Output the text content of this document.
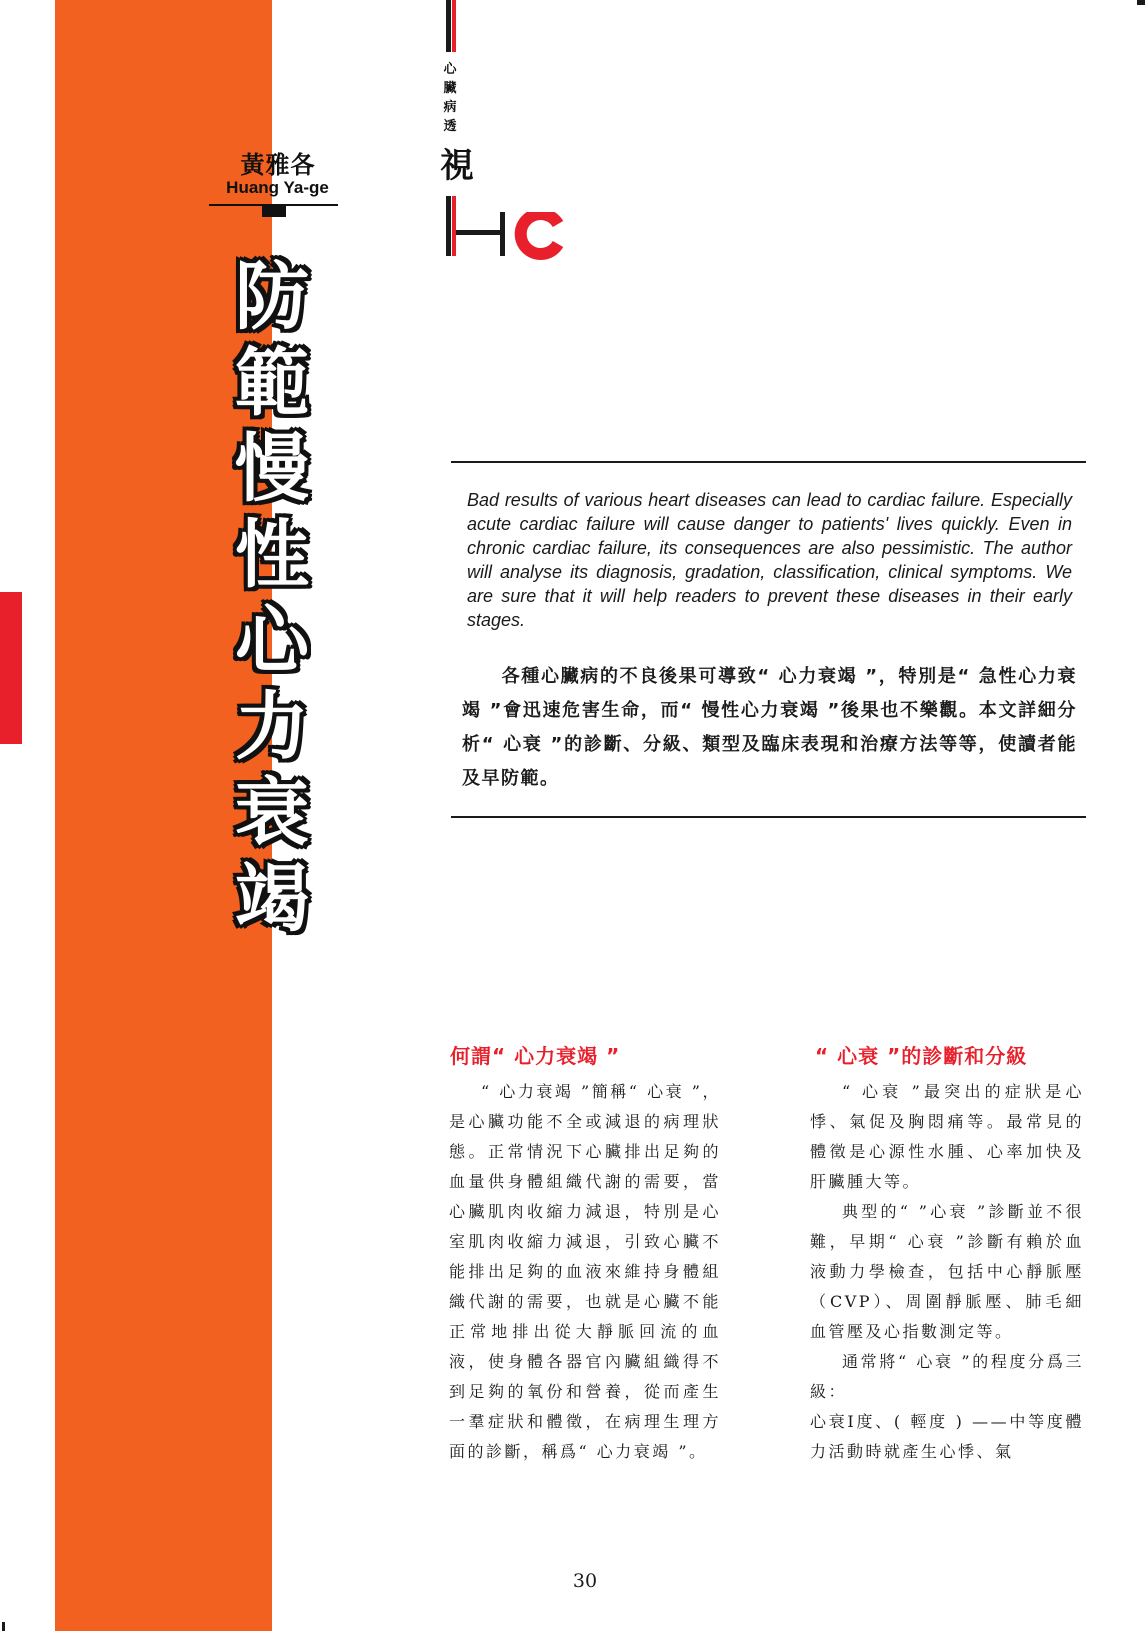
黃雅各
Huang Ya-ge
防
範
慢
性
心
力
衰
竭
心
臟
病
透
視
Bad results of various heart diseases can lead to cardiac failure. Especially acute cardiac failure will cause danger to patients' lives quickly. Even in chronic cardiac failure, its consequences are also pessimistic. The author will analyse its diagnosis, gradation, classification, clinical symptoms. We are sure that it will help readers to prevent these diseases in their early stages.
各種心臟病的不良後果可導致“ 心力衰竭 ”，特別是“ 急性心力衰竭 ”會迅速危害生命，而“ 慢性心力衰竭 ”後果也不樂觀。本文詳細分析“ 心衰 ”的診斷、分級、類型及臨床表現和治療方法等等，使讀者能及早防範。
何謂“ 心力衰竭 ”

“ 心力衰竭 ”簡稱“ 心衰 ”，是心臟功能不全或減退的病理狀態。正常情況下心臟排出足夠的血量供身體組織代謝的需要，當心臟肌肉收縮力減退，特別是心室肌肉收縮力減退，引致心臟不能排出足夠的血液來維持身體組織代謝的需要，也就是心臟不能正常地排出從大靜脈回流的血液，使身體各器官內臟組織得不到足夠的氧份和營養，從而產生一羣症狀和體徵，在病理生理方面的診斷，稱爲“ 心力衰竭 ”。

“ 心衰 ”的診斷和分級

“ 心衰 ”最突出的症狀是心悸、氣促及胸悶痛等。最常見的體徵是心源性水腫、心率加快及肝臟腫大等。

典型的“ ”心衰 ”診斷並不很難，早期“ 心衰 ”診斷有賴於血液動力學檢查，包括中心靜脈壓（CVP）、周圍靜脈壓、肺毛細血管壓及心指數測定等。

通常將“ 心衰 ”的程度分爲三級：

心衰I度、( 輕度 ) ——中等度體力活動時就產生心悸、氣

30
